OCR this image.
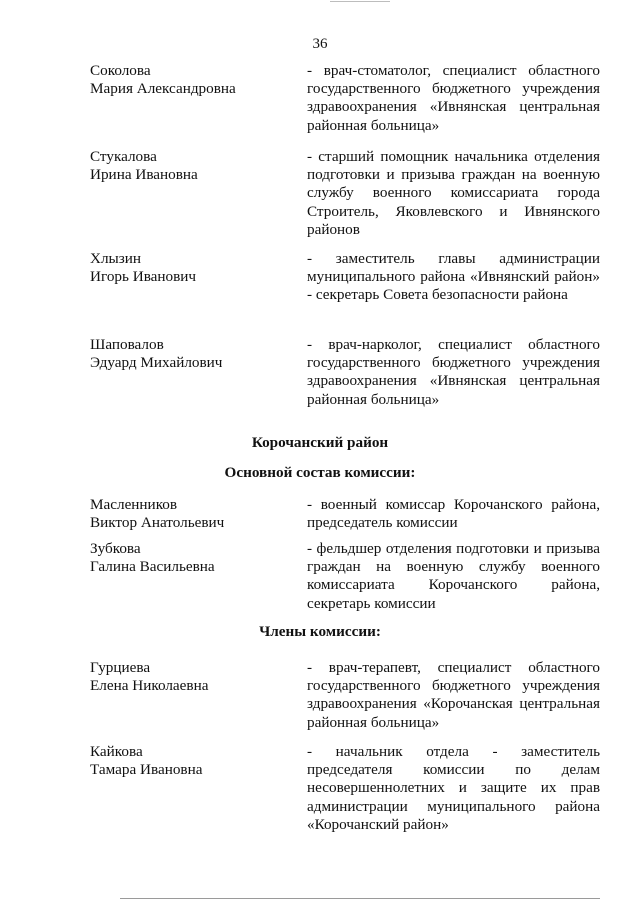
36
Соколова
Мария Александровна
- врач-стоматолог, специалист областного государственного бюджетного учреждения здравоохранения «Ивнянская центральная районная больница»
Стукалова
Ирина Ивановна
- старший помощник начальника отделения подготовки и призыва граждан на военную службу военного комиссариата города Строитель, Яковлевского и Ивнянского районов
Хлызин
Игорь Иванович
- заместитель главы администрации муниципального района «Ивнянский район» - секретарь Совета безопасности района
Шаповалов
Эдуард Михайлович
- врач-нарколог, специалист областного государственного бюджетного учреждения здравоохранения «Ивнянская центральная районная больница»
Корочанский район
Основной состав комиссии:
Масленников
Виктор Анатольевич
- военный комиссар Корочанского района, председатель комиссии
Зубкова
Галина Васильевна
- фельдшер отделения подготовки и призыва граждан на военную службу военного комиссариата Корочанского района, секретарь комиссии
Члены комиссии:
Гурциева
Елена Николаевна
- врач-терапевт, специалист областного государственного бюджетного учреждения здравоохранения «Корочанская центральная районная больница»
Кайкова
Тамара Ивановна
- начальник отдела - заместитель председателя комиссии по делам несовершеннолетних и защите их прав администрации муниципального района «Корочанский район»
